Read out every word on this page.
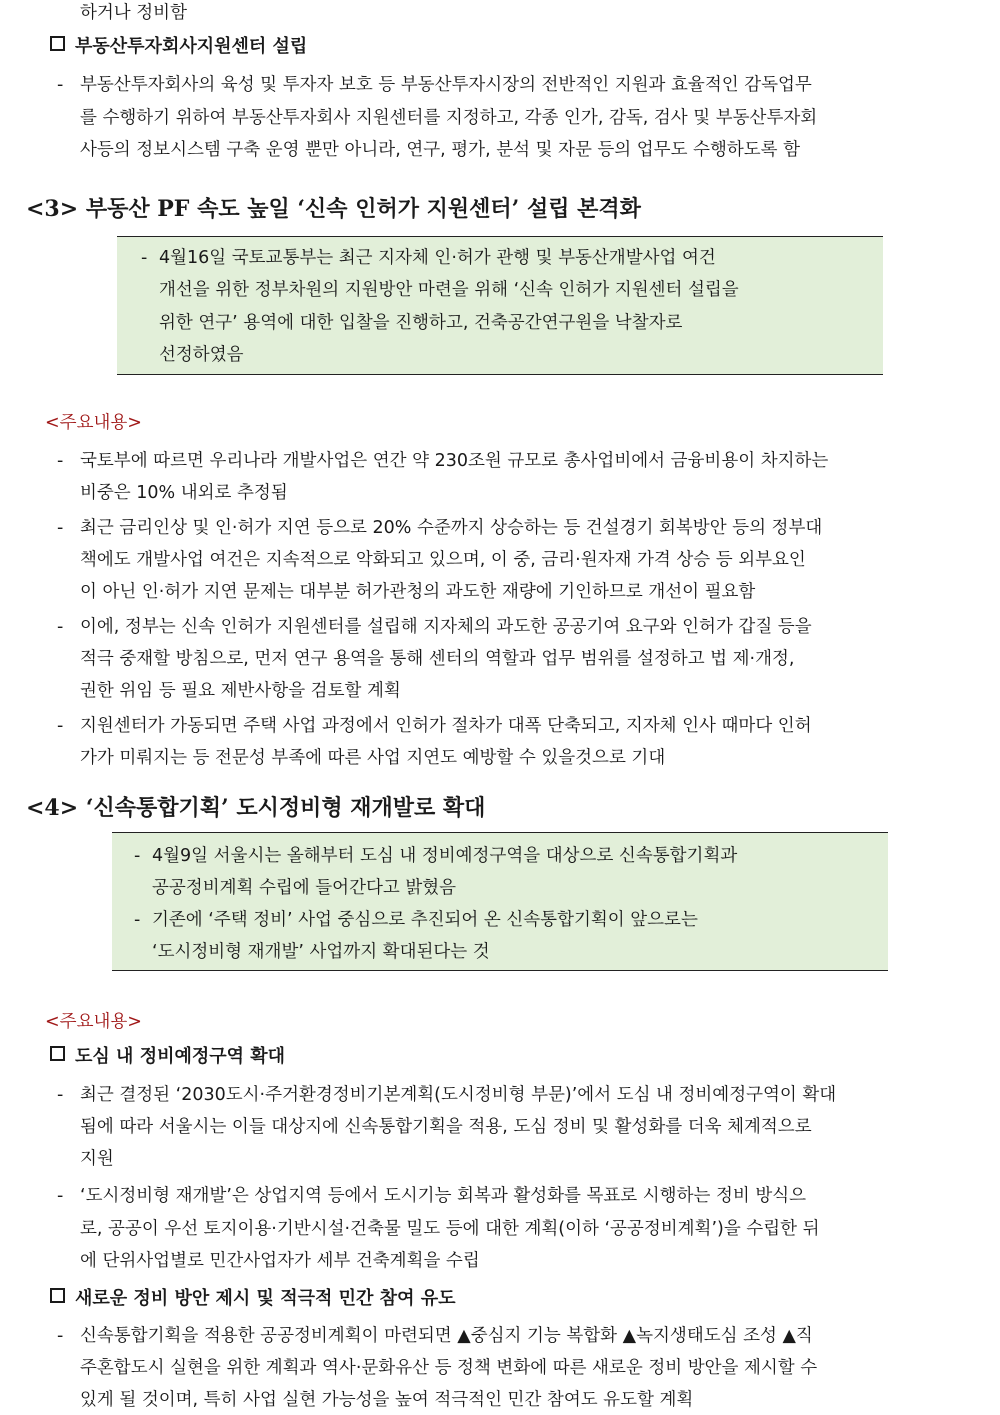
하거나 정비함
부동산투자회사지원센터 설립
- 부동산투자회사의 육성 및 투자자 보호 등 부동산투자시장의 전반적인 지원과 효율적인 감독업무
를 수행하기 위하여 부동산투자회사 지원센터를 지정하고, 각종 인가, 감독, 검사 및 부동산투자회
사등의 정보시스템 구축 운영 뿐만 아니라, 연구, 평가, 분석 및 자문 등의 업무도 수행하도록 함
<3> 부동산 PF 속도 높일 ‘신속 인허가 지원센터’ 설립 본격화
- 4월16일 국토교통부는 최근 지자체 인·허가 관행 및 부동산개발사업 여건
개선을 위한 정부차원의 지원방안 마련을 위해 ‘신속 인허가 지원센터 설립을
위한 연구’ 용역에 대한 입찰을 진행하고, 건축공간연구원을 낙찰자로
선정하였음
<주요내용>
- 국토부에 따르면 우리나라 개발사업은 연간 약 230조원 규모로 총사업비에서 금융비용이 차지하는
비중은 10% 내외로 추정됨
- 최근 금리인상 및 인·허가 지연 등으로 20% 수준까지 상승하는 등 건설경기 회복방안 등의 정부대
책에도 개발사업 여건은 지속적으로 악화되고 있으며, 이 중, 금리·원자재 가격 상승 등 외부요인
이 아닌 인·허가 지연 문제는 대부분 허가관청의 과도한 재량에 기인하므로 개선이 필요함
- 이에, 정부는 신속 인허가 지원센터를 설립해 지자체의 과도한 공공기여 요구와 인허가 갑질 등을
적극 중재할 방침으로, 먼저 연구 용역을 통해 센터의 역할과 업무 범위를 설정하고 법 제·개정,
권한 위임 등 필요 제반사항을 검토할 계획
- 지원센터가 가동되면 주택 사업 과정에서 인허가 절차가 대폭 단축되고, 지자체 인사 때마다 인허
가가 미뤄지는 등 전문성 부족에 따른 사업 지연도 예방할 수 있을것으로 기대
<4> ‘신속통합기획’ 도시정비형 재개발로 확대
- 4월9일 서울시는 올해부터 도심 내 정비예정구역을 대상으로 신속통합기획과
공공정비계획 수립에 들어간다고 밝혔음
- 기존에 ‘주택 정비’ 사업 중심으로 추진되어 온 신속통합기획이 앞으로는
‘도시정비형 재개발’ 사업까지 확대된다는 것
<주요내용>
도심 내 정비예정구역 확대
- 최근 결정된 ‘2030도시·주거환경정비기본계획(도시정비형 부문)’에서 도심 내 정비예정구역이 확대
됨에 따라 서울시는 이들 대상지에 신속통합기획을 적용, 도심 정비 및 활성화를 더욱 체계적으로
지원
- ‘도시정비형 재개발’은 상업지역 등에서 도시기능 회복과 활성화를 목표로 시행하는 정비 방식으
로, 공공이 우선 토지이용·기반시설·건축물 밀도 등에 대한 계획(이하 ‘공공정비계획’)을 수립한 뒤
에 단위사업별로 민간사업자가 세부 건축계획을 수립
새로운 정비 방안 제시 및 적극적 민간 참여 유도
- 신속통합기획을 적용한 공공정비계획이 마련되면 ▲중심지 기능 복합화 ▲녹지생태도심 조성 ▲직
주혼합도시 실현을 위한 계획과 역사·문화유산 등 정책 변화에 따른 새로운 정비 방안을 제시할 수
있게 될 것이며, 특히 사업 실현 가능성을 높여 적극적인 민간 참여도 유도할 계획
